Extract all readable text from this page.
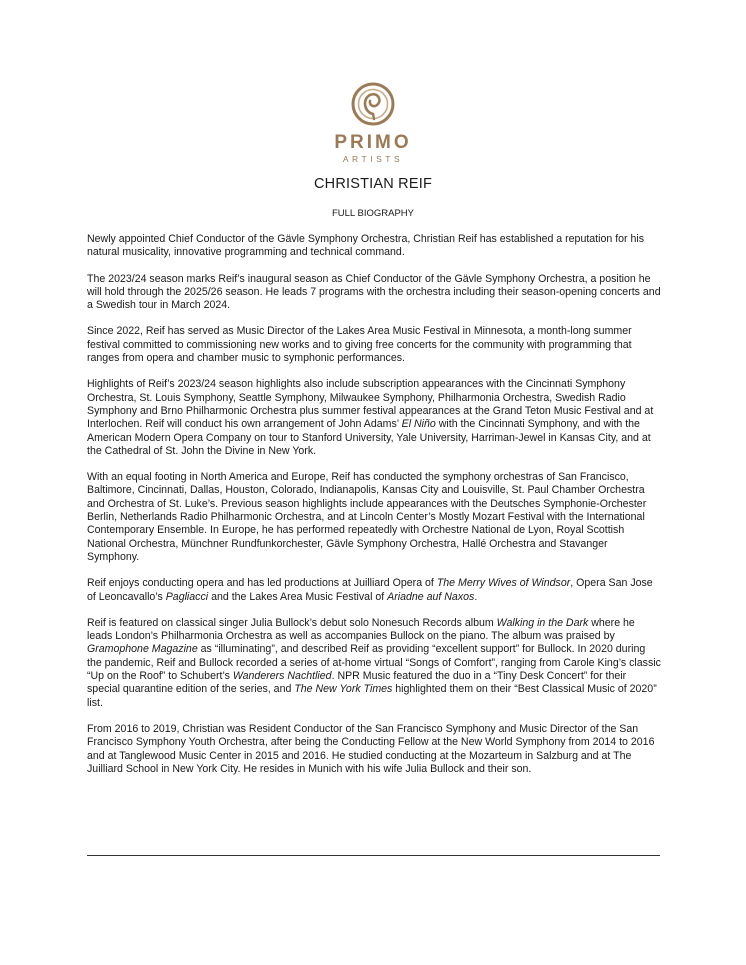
PRIMO
ARTISTS
CHRISTIAN REIF
FULL BIOGRAPHY

Newly appointed Chief Conductor of the Gävle Symphony Orchestra, Christian Reif has established a reputation for his natural musicality, innovative programming and technical command.

The 2023/24 season marks Reif’s inaugural season as Chief Conductor of the Gävle Symphony Orchestra, a position he will hold through the 2025/26 season. He leads 7 programs with the orchestra including their season-opening concerts and a Swedish tour in March 2024.

Since 2022, Reif has served as Music Director of the Lakes Area Music Festival in Minnesota, a month-long summer festival committed to commissioning new works and to giving free concerts for the community with programming that ranges from opera and chamber music to symphonic performances.

Highlights of Reif’s 2023/24 season highlights also include subscription appearances with the Cincinnati Symphony Orchestra, St. Louis Symphony, Seattle Symphony, Milwaukee Symphony, Philharmonia Orchestra, Swedish Radio Symphony and Brno Philharmonic Orchestra plus summer festival appearances at the Grand Teton Music Festival and at Interlochen. Reif will conduct his own arrangement of John Adams’ El Niño with the Cincinnati Symphony, and with the American Modern Opera Company on tour to Stanford University, Yale University, Harriman-Jewel in Kansas City, and at the Cathedral of St. John the Divine in New York.

With an equal footing in North America and Europe, Reif has conducted the symphony orchestras of San Francisco, Baltimore, Cincinnati, Dallas, Houston, Colorado, Indianapolis, Kansas City and Louisville, St. Paul Chamber Orchestra and Orchestra of St. Luke’s. Previous season highlights include appearances with the Deutsches Symphonie-Orchester Berlin, Netherlands Radio Philharmonic Orchestra, and at Lincoln Center’s Mostly Mozart Festival with the International Contemporary Ensemble. In Europe, he has performed repeatedly with Orchestre National de Lyon, Royal Scottish National Orchestra, Münchner Rundfunkorchester, Gävle Symphony Orchestra, Hallé Orchestra and Stavanger Symphony.

Reif enjoys conducting opera and has led productions at Juilliard Opera of The Merry Wives of Windsor, Opera San Jose of Leoncavallo’s Pagliacci and the Lakes Area Music Festival of Ariadne auf Naxos.

Reif is featured on classical singer Julia Bullock’s debut solo Nonesuch Records album Walking in the Dark where he leads London’s Philharmonia Orchestra as well as accompanies Bullock on the piano. The album was praised by Gramophone Magazine as “illuminating”, and described Reif as providing “excellent support” for Bullock. In 2020 during the pandemic, Reif and Bullock recorded a series of at-home virtual “Songs of Comfort”, ranging from Carole King’s classic “Up on the Roof” to Schubert’s Wanderers Nachtlied. NPR Music featured the duo in a “Tiny Desk Concert” for their special quarantine edition of the series, and The New York Times highlighted them on their “Best Classical Music of 2020” list.

From 2016 to 2019, Christian was Resident Conductor of the San Francisco Symphony and Music Director of the San Francisco Symphony Youth Orchestra, after being the Conducting Fellow at the New World Symphony from 2014 to 2016 and at Tanglewood Music Center in 2015 and 2016. He studied conducting at the Mozarteum in Salzburg and at The Juilliard School in New York City. He resides in Munich with his wife Julia Bullock and their son.
